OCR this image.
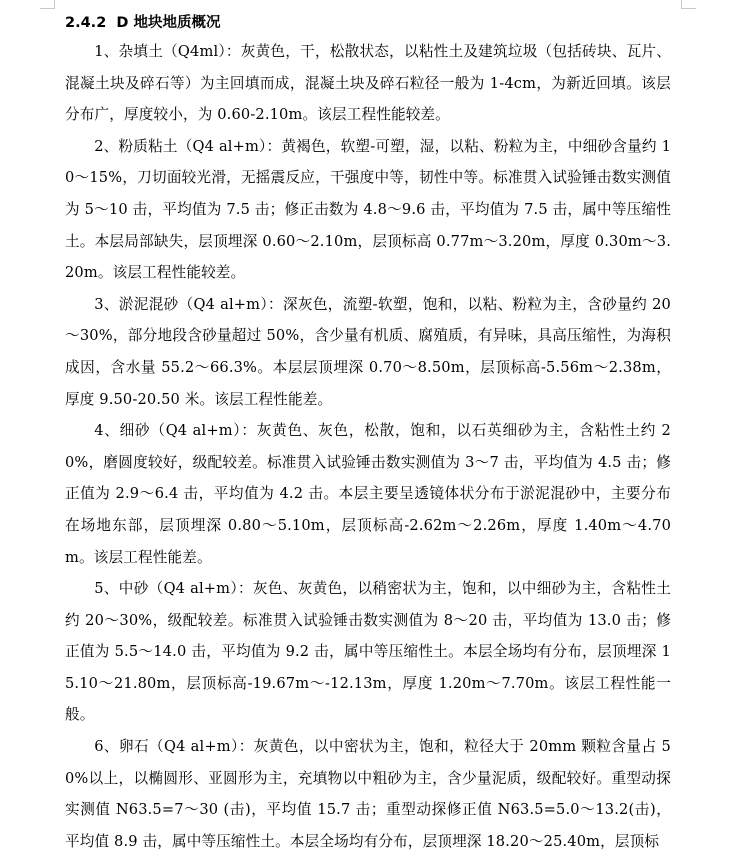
2.4.2 D 地块地质概况

1、杂填土（Q4ml）：灰黄色，干，松散状态，以粘性土及建筑垃圾（包括砖块、瓦片、混凝土块及碎石等）为主回填而成，混凝土块及碎石粒径一般为 1-4cm，为新近回填。该层分布广，厚度较小，为 0.60-2.10m。该层工程性能较差。

2、粉质粘土（Q4 al+m）：黄褐色，软塑-可塑，湿，以粘、粉粒为主，中细砂含量约 10～15%，刀切面较光滑，无摇震反应，干强度中等，韧性中等。标准贯入试验锤击数实测值为 5～10 击，平均值为 7.5 击；修正击数为 4.8～9.6 击，平均值为 7.5 击，属中等压缩性土。本层局部缺失，层顶埋深 0.60～2.10m，层顶标高 0.77m～3.20m，厚度 0.30m～3.20m。该层工程性能较差。

3、淤泥混砂（Q4 al+m）：深灰色，流塑-软塑，饱和，以粘、粉粒为主，含砂量约 20～30%，部分地段含砂量超过 50%，含少量有机质、腐殖质，有异味，具高压缩性，为海积成因，含水量 55.2～66.3%。本层层顶埋深 0.70～8.50m，层顶标高-5.56m～2.38m，厚度 9.50-20.50 米。该层工程性能差。

4、细砂（Q4 al+m）：灰黄色、灰色，松散，饱和，以石英细砂为主，含粘性土约 20%，磨圆度较好，级配较差。标准贯入试验锤击数实测值为 3～7 击，平均值为 4.5 击；修正值为 2.9～6.4 击，平均值为 4.2 击。本层主要呈透镜体状分布于淤泥混砂中，主要分布在场地东部，层顶埋深 0.80～5.10m，层顶标高-2.62m～2.26m，厚度 1.40m～4.70m。该层工程性能差。

5、中砂（Q4 al+m）：灰色、灰黄色，以稍密状为主，饱和，以中细砂为主，含粘性土约 20～30%，级配较差。标准贯入试验锤击数实测值为 8～20 击，平均值为 13.0 击；修正值为 5.5～14.0 击，平均值为 9.2 击，属中等压缩性土。本层全场均有分布，层顶埋深 15.10～21.80m，层顶标高-19.67m～-12.13m，厚度 1.20m～7.70m。该层工程性能一般。

6、卵石（Q4 al+m）：灰黄色，以中密状为主，饱和，粒径大于 20mm 颗粒含量占 50%以上，以椭圆形、亚圆形为主，充填物以中粗砂为主，含少量泥质，级配较好。重型动探实测值 N63.5=7～30 (击)，平均值 15.7 击；重型动探修正值 N63.5=5.0～13.2(击)，平均值 8.9 击，属中等压缩性土。本层全场均有分布，层顶埋深 18.20～25.40m，层顶标
